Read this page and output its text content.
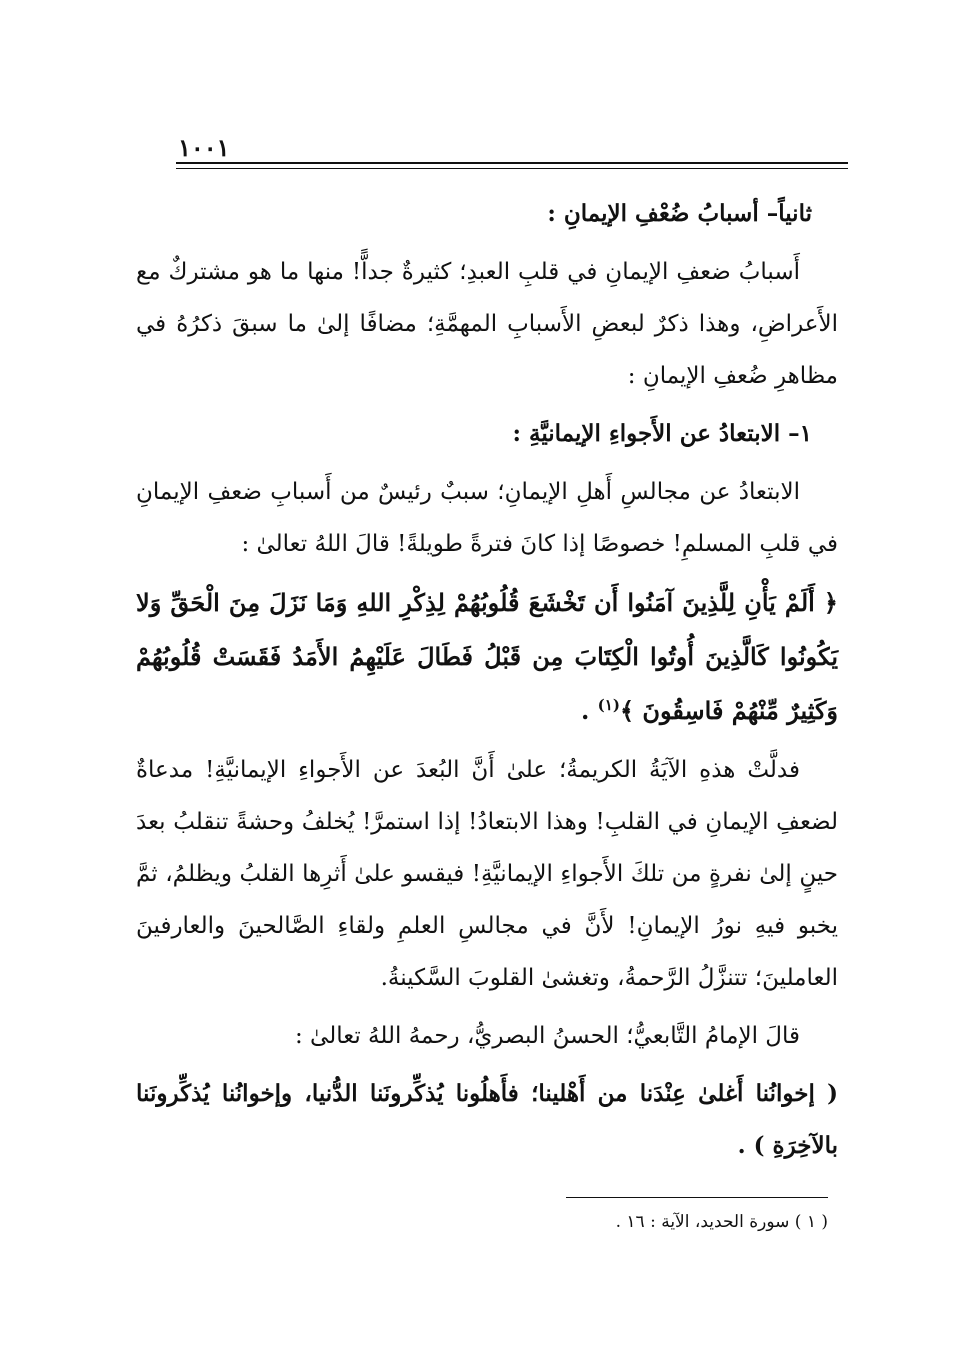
١٠٠١

ثانياً– أسبابُ ضُعْفِ الإيمانِ :

أَسبابُ ضعفِ الإيمانِ في قلبِ العبدِ؛ كثيرةٌ جداًّ! منها ما هو مشتركٌ مع الأَعراضِ، وهذا ذكرٌ لبعضِ الأَسبابِ المهمَّةِ؛ مضافًا إلىٰ ما سبقَ ذكرُهُ في مظاهرِ ضُعفِ الإيمانِ :

١– الابتعادُ عن الأَجواءِ الإيمانيَّةِ :

الابتعادُ عن مجالسِ أَهلِ الإيمانِ؛ سببٌ رئيسٌ من أَسبابِ ضعفِ الإيمانِ في قلبِ المسلمِ! خصوصًا إذا كانَ فترةً طويلةً! قالَ اللهُ تعالىٰ :

﴿ أَلَمْ يَأْنِ لِلَّذِينَ آمَنُوا أَن تَخْشَعَ قُلُوبُهُمْ لِذِكْرِ اللهِ وَمَا نَزَلَ مِنَ الْحَقِّ وَلا يَكُونُوا كَالَّذِينَ أُوتُوا الْكِتَابَ مِن قَبْلُ فَطَالَ عَلَيْهِمُ الأَمَدُ فَقَسَتْ قُلُوبُهُمْ وَكَثِيرٌ مِّنْهُمْ فَاسِقُونَ ﴾$^{(١)}$ .

فدلَّتْ هذهِ الآيَةُ الكريمةُ؛ علىٰ أَنَّ البُعدَ عن الأَجواءِ الإيمانيَّةِ! مدعاةٌ لضعفِ الإيمانِ في القلبِ! وهذا الابتعادُ! إذا استمرَّ! يُخلفُ وحشةً تنقلبُ بعدَ حينٍ إلىٰ نفرةٍ من تلكَ الأَجواءِ الإيمانيَّةِ! فيقسو علىٰ أَثرِها القلبُ ويظلمُ، ثمَّ يخبو فيهِ نورُ الإيمانِ! لأَنَّ في مجالسِ العلمِ ولقاءِ الصَّالحينَ والعارفينَ العاملينَ؛ تتنزَّلُ الرَّحمةُ، وتغشىٰ القلوبَ السَّكينةُ.

قالَ الإمامُ التَّابعيُّ؛ الحسنُ البصريُّ، رحمهُ اللهُ تعالىٰ :

( إخوانُنا أَغلىٰ عِنْدَنا من أَهْلينا؛ فأَهلُونا يُذكِّرونَنا الدُّنيا، وإخوانُنا يُذكِّرونَنا بالآخِرَةِ ) .

( ١ ) سورة الحديد، الآية : ١٦ .
